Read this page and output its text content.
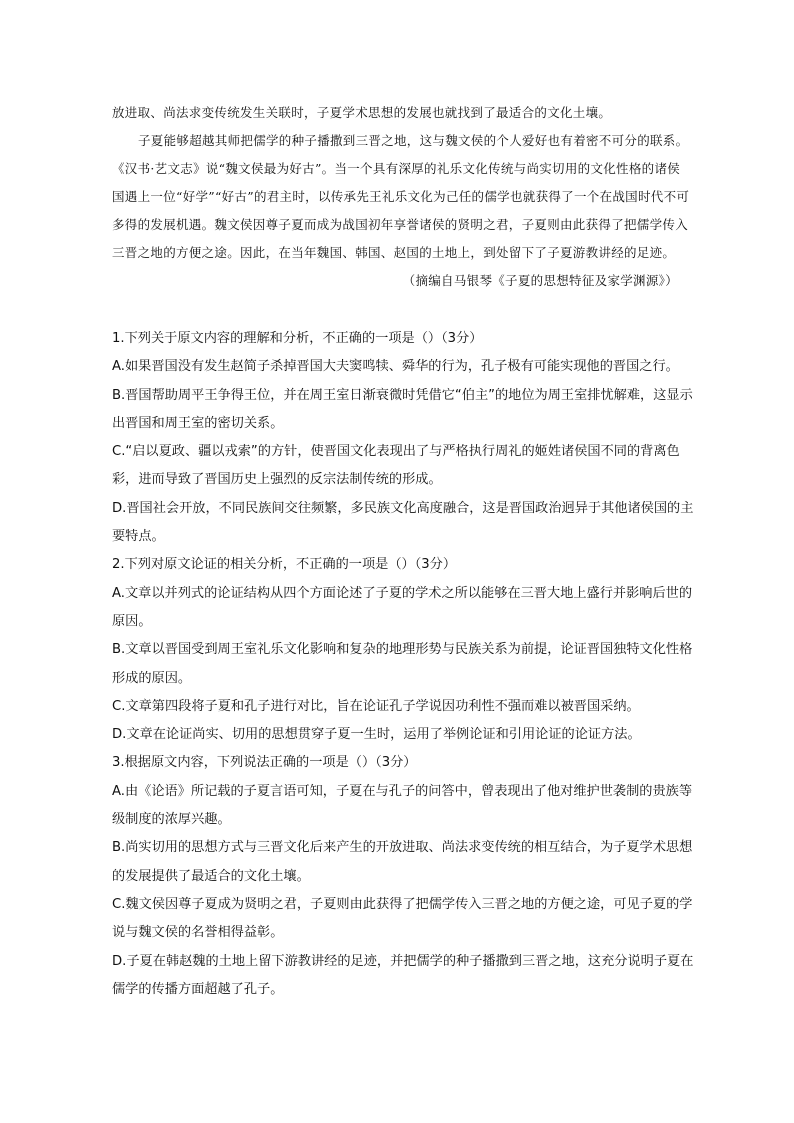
放进取、尚法求变传统发生关联时，子夏学术思想的发展也就找到了最适合的文化土壤。

子夏能够超越其师把儒学的种子播撒到三晋之地，这与魏文侯的个人爱好也有着密不可分的联系。《汉书·艺文志》说“魏文侯最为好古”。当一个具有深厚的礼乐文化传统与尚实切用的文化性格的诸侯国遇上一位“好学”“好古”的君主时，以传承先王礼乐文化为己任的儒学也就获得了一个在战国时代不可多得的发展机遇。魏文侯因尊子夏而成为战国初年享誉诸侯的贤明之君，子夏则由此获得了把儒学传入三晋之地的方便之途。因此，在当年魏国、韩国、赵国的土地上，到处留下了子夏游教讲经的足迹。

（摘编自马银琴《子夏的思想特征及家学渊源》）

1.下列关于原文内容的理解和分析，不正确的一项是（）（3分）

A.如果晋国没有发生赵简子杀掉晋国大夫窦鸣犊、舜华的行为，孔子极有可能实现他的晋国之行。

B.晋国帮助周平王争得王位，并在周王室日渐衰微时凭借它“伯主”的地位为周王室排忧解难，这显示出晋国和周王室的密切关系。

C.“启以夏政、疆以戎索”的方针，使晋国文化表现出了与严格执行周礼的姬姓诸侯国不同的背离色彩，进而导致了晋国历史上强烈的反宗法制传统的形成。

D.晋国社会开放，不同民族间交往频繁，多民族文化高度融合，这是晋国政治迥异于其他诸侯国的主要特点。

2.下列对原文论证的相关分析，不正确的一项是（）（3分）

A.文章以并列式的论证结构从四个方面论述了子夏的学术之所以能够在三晋大地上盛行并影响后世的原因。

B.文章以晋国受到周王室礼乐文化影响和复杂的地理形势与民族关系为前提，论证晋国独特文化性格形成的原因。

C.文章第四段将子夏和孔子进行对比，旨在论证孔子学说因功利性不强而难以被晋国采纳。

D.文章在论证尚实、切用的思想贯穿子夏一生时，运用了举例论证和引用论证的论证方法。

3.根据原文内容，下列说法正确的一项是（）（3分）

A.由《论语》所记载的子夏言语可知，子夏在与孔子的问答中，曾表现出了他对维护世袭制的贵族等级制度的浓厚兴趣。

B.尚实切用的思想方式与三晋文化后来产生的开放进取、尚法求变传统的相互结合，为子夏学术思想的发展提供了最适合的文化土壤。

C.魏文侯因尊子夏成为贤明之君，子夏则由此获得了把儒学传入三晋之地的方便之途，可见子夏的学说与魏文侯的名誉相得益彰。

D.子夏在韩赵魏的土地上留下游教讲经的足迹，并把儒学的种子播撒到三晋之地，这充分说明子夏在儒学的传播方面超越了孔子。
